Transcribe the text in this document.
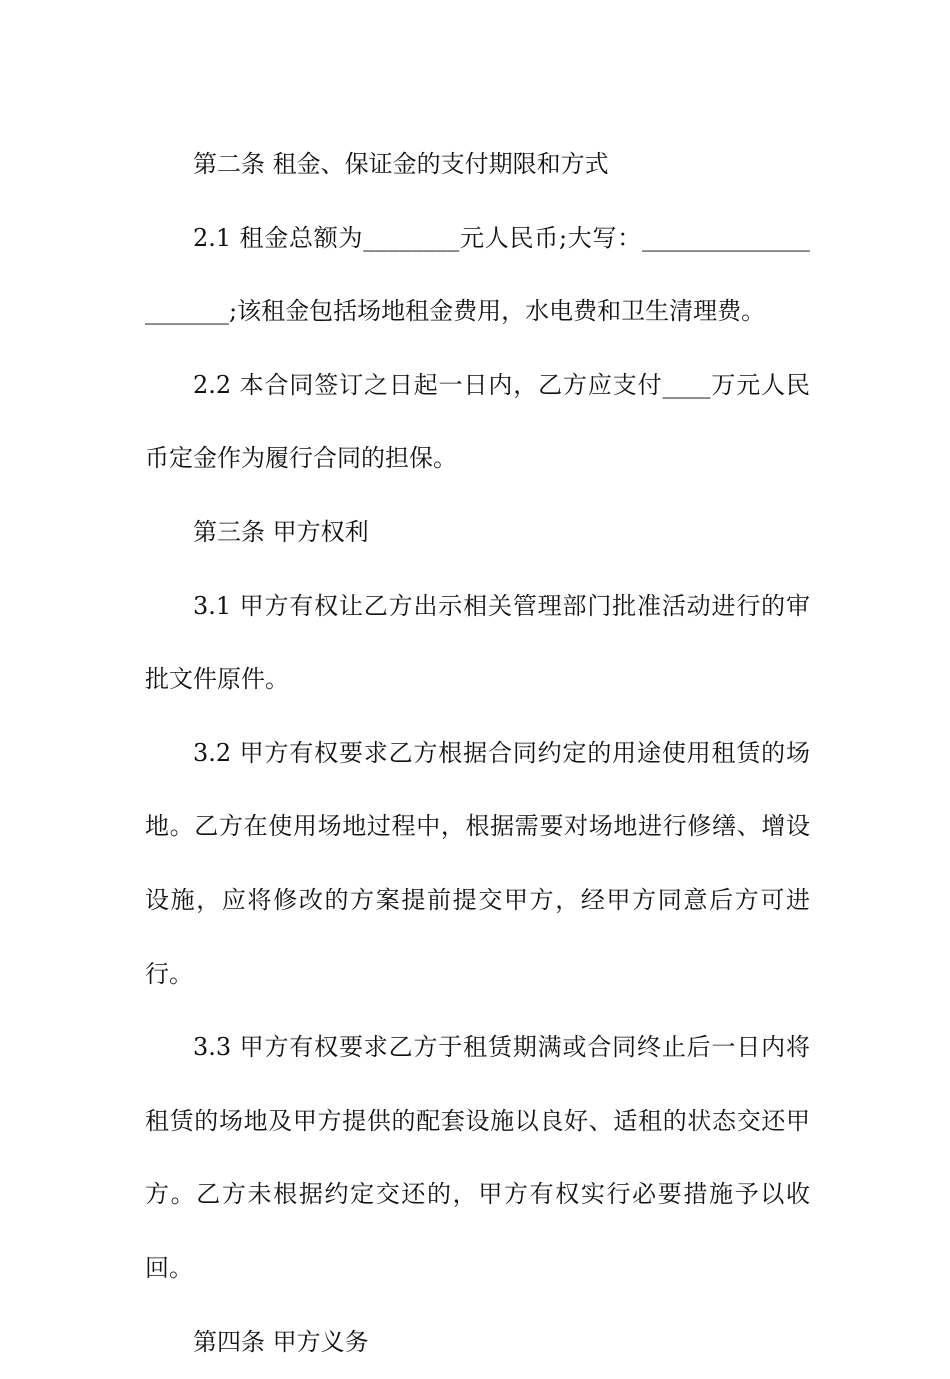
第二条 租金、保证金的支付期限和方式

2.1 租金总额为________元人民币;大写：_____________________;该租金包括场地租金费用，水电费和卫生清理费。

2.2 本合同签订之日起一日内，乙方应支付____万元人民币定金作为履行合同的担保。

第三条 甲方权利

3.1 甲方有权让乙方出示相关管理部门批准活动进行的审批文件原件。

3.2 甲方有权要求乙方根据合同约定的用途使用租赁的场地。乙方在使用场地过程中，根据需要对场地进行修缮、增设设施，应将修改的方案提前提交甲方，经甲方同意后方可进行。

3.3 甲方有权要求乙方于租赁期满或合同终止后一日内将租赁的场地及甲方提供的配套设施以良好、适租的状态交还甲方。乙方未根据约定交还的，甲方有权实行必要措施予以收回。

第四条 甲方义务
